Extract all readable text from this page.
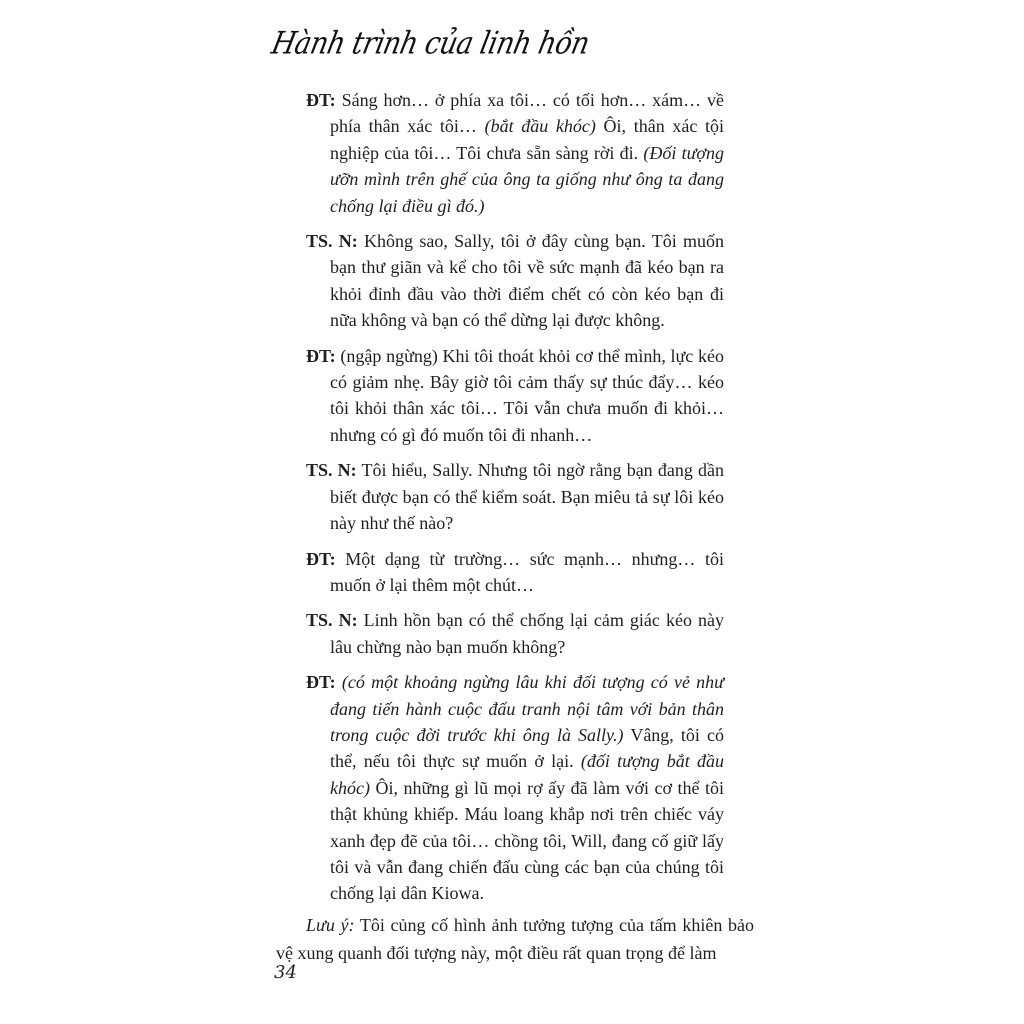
Hành trình của linh hồn

ĐT: Sáng hơn… ở phía xa tôi… có tối hơn… xám… về phía thân xác tôi… (bắt đầu khóc) Ôi, thân xác tội nghiệp của tôi… Tôi chưa sẵn sàng rời đi. (Đối tượng ưỡn mình trên ghế của ông ta giống như ông ta đang chống lại điều gì đó.)

TS. N: Không sao, Sally, tôi ở đây cùng bạn. Tôi muốn bạn thư giãn và kể cho tôi về sức mạnh đã kéo bạn ra khỏi đỉnh đầu vào thời điểm chết có còn kéo bạn đi nữa không và bạn có thể dừng lại được không.

ĐT: (ngập ngừng) Khi tôi thoát khỏi cơ thể mình, lực kéo có giảm nhẹ. Bây giờ tôi cảm thấy sự thúc đẩy… kéo tôi khỏi thân xác tôi… Tôi vẫn chưa muốn đi khỏi… nhưng có gì đó muốn tôi đi nhanh…

TS. N: Tôi hiểu, Sally. Nhưng tôi ngờ rằng bạn đang dần biết được bạn có thể kiểm soát. Bạn miêu tả sự lôi kéo này như thế nào?

ĐT: Một dạng từ trường… sức mạnh… nhưng… tôi muốn ở lại thêm một chút…

TS. N: Linh hồn bạn có thể chống lại cảm giác kéo này lâu chừng nào bạn muốn không?

ĐT: (có một khoảng ngừng lâu khi đối tượng có vẻ như đang tiến hành cuộc đấu tranh nội tâm với bản thân trong cuộc đời trước khi ông là Sally.) Vâng, tôi có thể, nếu tôi thực sự muốn ở lại. (đối tượng bắt đầu khóc) Ôi, những gì lũ mọi rợ ấy đã làm với cơ thể tôi thật khủng khiếp. Máu loang khắp nơi trên chiếc váy xanh đẹp đẽ của tôi… chồng tôi, Will, đang cố giữ lấy tôi và vẫn đang chiến đấu cùng các bạn của chúng tôi chống lại dân Kiowa.

Lưu ý: Tôi củng cố hình ảnh tưởng tượng của tấm khiên bảo vệ xung quanh đối tượng này, một điều rất quan trọng để làm

34
